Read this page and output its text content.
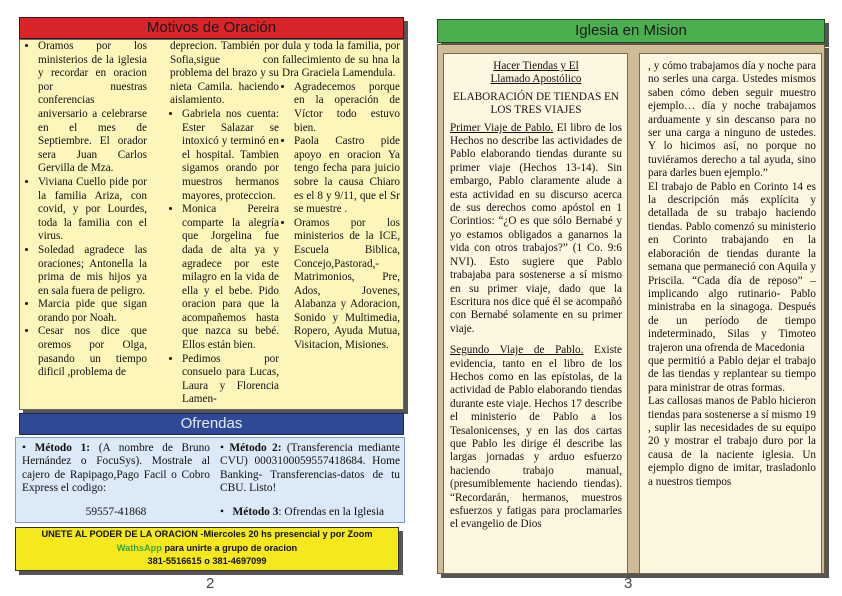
Motivos de Oración
• Oramos por los ministerios de la iglesia y recordar en oracion por nuestras conferencias aniversario a celebrarse en el mes de Septiembre. El orador sera Juan Carlos Gervilla de Mza.
• Viviana Cuello pide por la familia Ariza, con covid, y por Lourdes, toda la familia con el virus.
• Soledad agradece las oraciones; Antonella la prima de mis hijos ya en sala fuera de peligro.
• Marcia pide que sigan orando por Noah.
• Cesar nos dice que oremos por Olga, pasando un tiempo dificil ,problema de

deprecion. También por Sofia,sigue con problema del brazo y su nieta Camila. haciendo aislamiento.

• Gabriela nos cuenta: Ester Salazar se intoxicó y terminó en el hospital. Tambien sigamos orando por muestros hermanos mayores, proteccion.
• Monica Pereira comparte la alegría que Jorgelina fue dada de alta ya y agradece por este milagro en la vida de ella y el bebe. Pido oracion para que la acompañemos hasta que nazca su bebé. Ellos están bien.
• Pedimos por consuelo para Lucas, Laura y Florencia Lamen-

dula y toda la familia, por fallecimiento de su hna la Dra Graciela Lamendula.

• Agradecemos porque en la operación de Víctor todo estuvo bien.
• Paola Castro pide apoyo en oracion Ya tengo fecha para juicio sobre la causa Chiaro es el 8 y 9/11, que el Sr se muestre .
• Oramos por los ministerios de la ICE, Escuela Biblica, Concejo,Pastorad,-Matrimonios, Pre, Ados, Jovenes, Alabanza y Adoracion, Sonido y Multimedia, Ropero, Ayuda Mutua, Visitacion, Misiones.
Ofrendas
• Método 1: (A nombre de Bruno Hernández o FocuSys). Mostrale al cajero de Rapipago,Pago Facil o Cobro Express el codigo:
• Método 2: (Transferencia mediante CVU) 0003100059557418684. Home Banking- Transferencias-datos de tu CBU. Listo!
59557-41868	•   Método 3: Ofrendas en la Iglesia
UNETE AL PODER DE LA ORACION -Miercoles 20 hs presencial y por Zoom
WathsApp para unirte a grupo de oracion
381-5516615 o 381-4697099
2
Iglesia en Mision

Hacer Tiendas y El

Llamado Apostólico

ELABORACIÓN DE TIENDAS EN LOS TRES VIAJES

Primer Viaje de Pablo. El libro de los Hechos no describe las actividades de Pablo elaborando tiendas durante su primer viaje (Hechos 13-14). Sin embargo, Pablo claramente alude a esta actividad en su discurso acerca de sus derechos como apóstol en 1 Corintios: “¿O es que sólo Bernabé y yo estamos obligados a ganarnos la vida con otros trabajos?” (1 Co. 9:6 NVI). Esto sugiere que Pablo trabajaba para sostenerse a sí mismo en su primer viaje, dado que la Escritura nos dice qué él se acompañó con Bernabé solamente en su primer viaje.

Segundo Viaje de Pablo. Existe evidencia, tanto en el libro de los Hechos como en las epístolas, de la actividad de Pablo elaborando tiendas durante este viaje. Hechos 17 describe el ministerio de Pablo a los Tesalonicenses, y en las dos cartas que Pablo les dirige él describe las largas jornadas y arduo esfuerzo haciendo trabajo manual, (presumiblemente haciendo tiendas). “Recordarán, hermanos, muestros esfuerzos y fatigas para proclamarles el evangelio de Dios

, y cómo trabajamos día y noche para no serles una carga. Ustedes mismos saben cómo deben seguir muestro ejemplo… día y noche trabajamos arduamente y sin descanso para no ser una carga a ninguno de ustedes. Y lo hicimos así, no porque no tuviéramos derecho a tal ayuda, sino para darles buen ejemplo.”

El trabajo de Pablo en Corinto 14 es la descripción más explícita y detallada de su trabajo haciendo tiendas. Pablo comenzó su ministerio en Corinto trabajando en la elaboración de tiendas durante la semana que permaneció con Aquila y Priscila. “Cada día de reposo” –implicando algo rutinario- Pablo ministraba en la sinagoga. Después de un período de tiempo indeterminado, Silas y Timoteo trajeron una ofrenda de Macedonia

que permitió a Pablo dejar el trabajo de las tiendas y replantear su tiempo para ministrar de otras formas.

Las callosas manos de Pablo hicieron tiendas para sostenerse a sí mismo 19 , suplir las necesidades de su equipo 20 y mostrar el trabajo duro por la causa de la naciente iglesia. Un ejemplo digno de imitar, trasladonlo a nuestros tiempos

3
